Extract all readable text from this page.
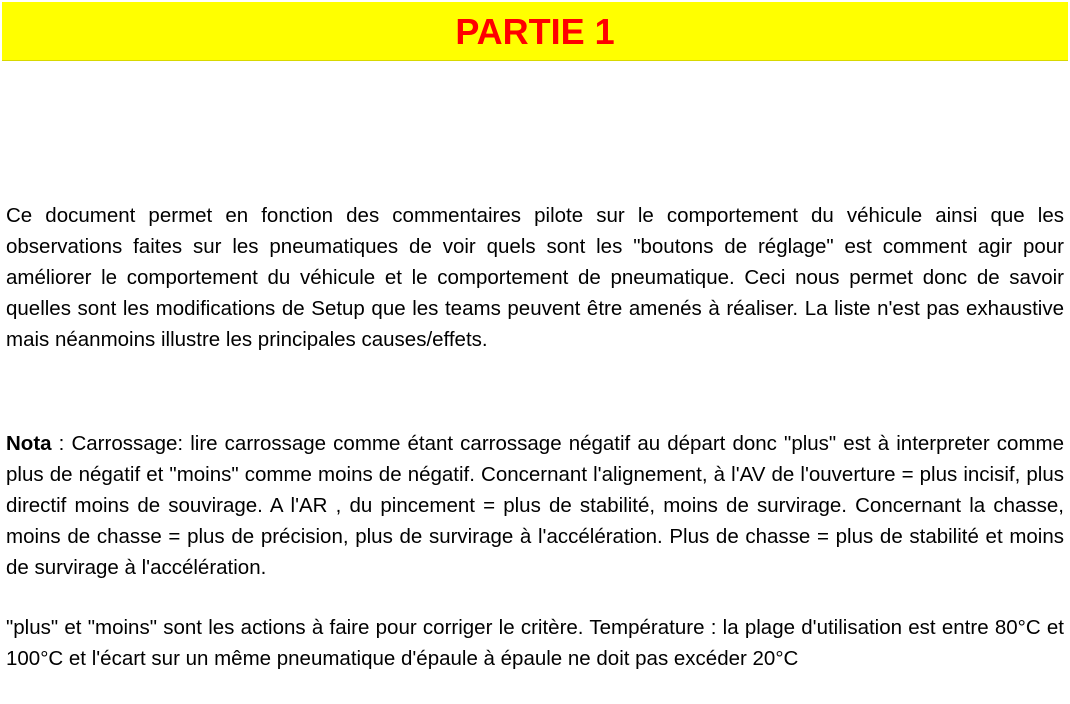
PARTIE 1

Ce document permet en fonction des commentaires pilote sur le comportement du véhicule ainsi que les observations faites sur les pneumatiques de voir quels sont les "boutons de réglage" est comment agir pour améliorer le comportement du véhicule et le comportement de pneumatique. Ceci nous permet donc de savoir quelles sont les modifications de Setup que les teams peuvent être amenés à réaliser. La liste n'est pas exhaustive mais néanmoins illustre les principales causes/effets.

Nota : Carrossage: lire carrossage comme étant carrossage négatif au départ donc "plus" est à interpreter comme plus de négatif et "moins" comme moins de négatif. Concernant l'alignement, à l'AV de l'ouverture = plus incisif, plus directif moins de souvirage. A l'AR , du pincement = plus de stabilité, moins de survirage. Concernant la chasse, moins de chasse = plus de précision, plus de survirage à l'accélération. Plus de chasse = plus de stabilité et moins de survirage à l'accélération.

"plus" et "moins" sont les actions à faire pour corriger le critère. Température : la plage d'utilisation est entre 80°C et 100°C et l'écart sur un même pneumatique d'épaule à épaule ne doit pas excéder 20°C
